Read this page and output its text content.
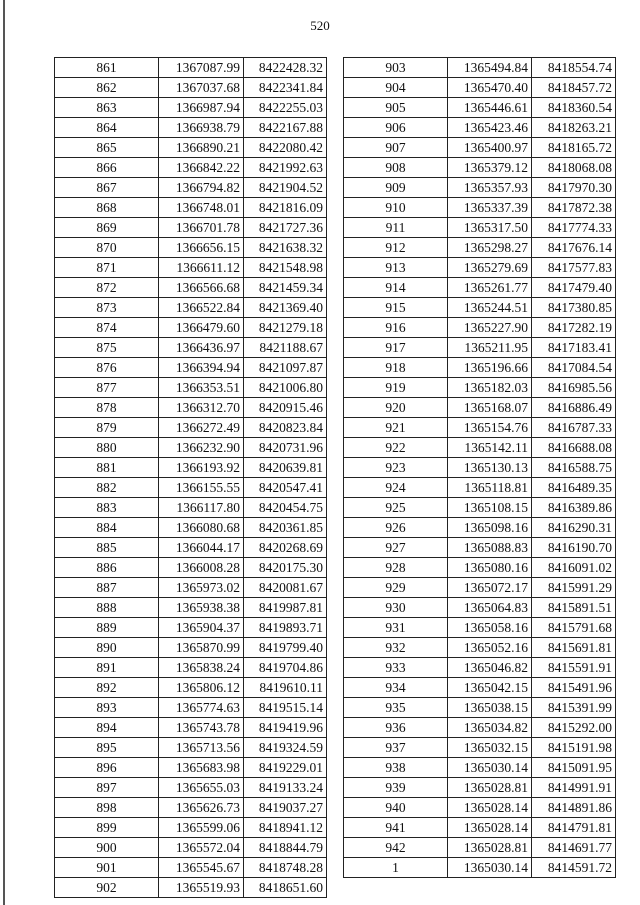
520
861	1367087.99	8422428.32
862	1367037.68	8422341.84
863	1366987.94	8422255.03
864	1366938.79	8422167.88
865	1366890.21	8422080.42
866	1366842.22	8421992.63
867	1366794.82	8421904.52
868	1366748.01	8421816.09
869	1366701.78	8421727.36
870	1366656.15	8421638.32
871	1366611.12	8421548.98
872	1366566.68	8421459.34
873	1366522.84	8421369.40
874	1366479.60	8421279.18
875	1366436.97	8421188.67
876	1366394.94	8421097.87
877	1366353.51	8421006.80
878	1366312.70	8420915.46
879	1366272.49	8420823.84
880	1366232.90	8420731.96
881	1366193.92	8420639.81
882	1366155.55	8420547.41
883	1366117.80	8420454.75
884	1366080.68	8420361.85
885	1366044.17	8420268.69
886	1366008.28	8420175.30
887	1365973.02	8420081.67
888	1365938.38	8419987.81
889	1365904.37	8419893.71
890	1365870.99	8419799.40
891	1365838.24	8419704.86
892	1365806.12	8419610.11
893	1365774.63	8419515.14
894	1365743.78	8419419.96
895	1365713.56	8419324.59
896	1365683.98	8419229.01
897	1365655.03	8419133.24
898	1365626.73	8419037.27
899	1365599.06	8418941.12
900	1365572.04	8418844.79
901	1365545.67	8418748.28
902	1365519.93	8418651.60
903	1365494.84	8418554.74
904	1365470.40	8418457.72
905	1365446.61	8418360.54
906	1365423.46	8418263.21
907	1365400.97	8418165.72
908	1365379.12	8418068.08
909	1365357.93	8417970.30
910	1365337.39	8417872.38
911	1365317.50	8417774.33
912	1365298.27	8417676.14
913	1365279.69	8417577.83
914	1365261.77	8417479.40
915	1365244.51	8417380.85
916	1365227.90	8417282.19
917	1365211.95	8417183.41
918	1365196.66	8417084.54
919	1365182.03	8416985.56
920	1365168.07	8416886.49
921	1365154.76	8416787.33
922	1365142.11	8416688.08
923	1365130.13	8416588.75
924	1365118.81	8416489.35
925	1365108.15	8416389.86
926	1365098.16	8416290.31
927	1365088.83	8416190.70
928	1365080.16	8416091.02
929	1365072.17	8415991.29
930	1365064.83	8415891.51
931	1365058.16	8415791.68
932	1365052.16	8415691.81
933	1365046.82	8415591.91
934	1365042.15	8415491.96
935	1365038.15	8415391.99
936	1365034.82	8415292.00
937	1365032.15	8415191.98
938	1365030.14	8415091.95
939	1365028.81	8414991.91
940	1365028.14	8414891.86
941	1365028.14	8414791.81
942	1365028.81	8414691.77
1	1365030.14	8414591.72
